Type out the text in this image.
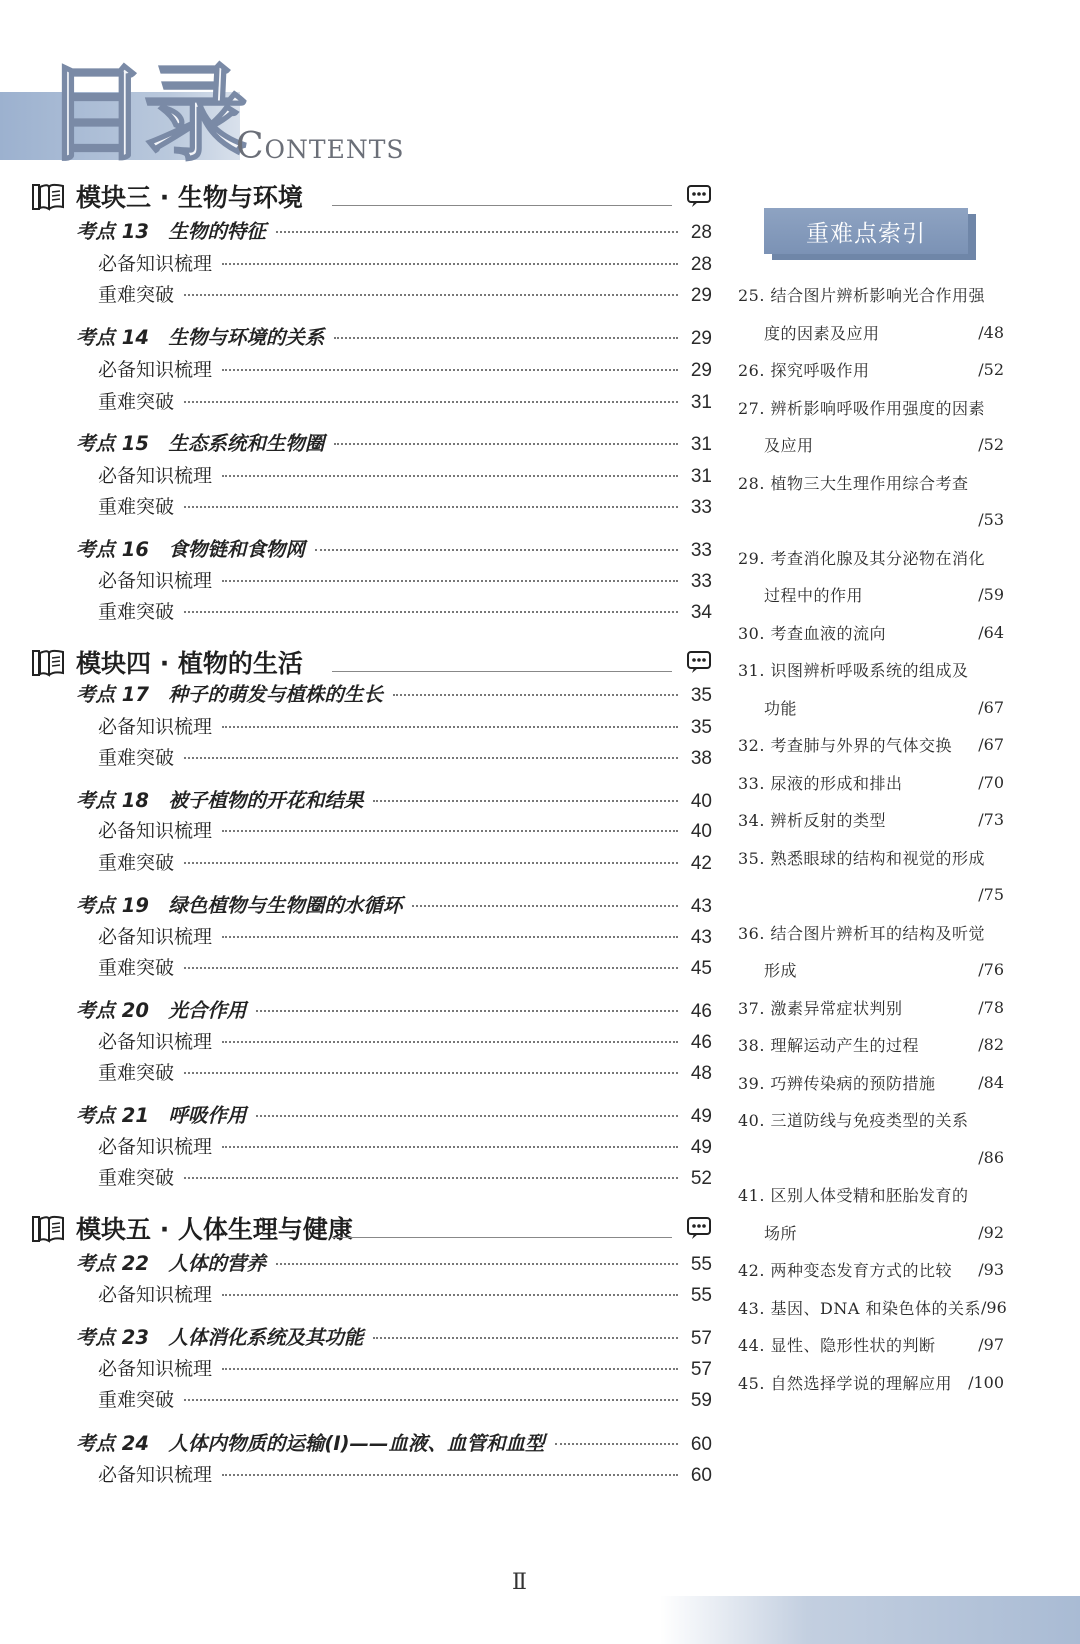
目录
Contents
模块三 · 生物与环境
考点 13　生物的特征	28
必备知识梳理	28
重难突破	29
考点 14　生物与环境的关系	29
必备知识梳理	29
重难突破	31
考点 15　生态系统和生物圈	31
必备知识梳理	31
重难突破	33
考点 16　食物链和食物网	33
必备知识梳理	33
重难突破	34
模块四 · 植物的生活
考点 17　种子的萌发与植株的生长	35
必备知识梳理	35
重难突破	38
考点 18　被子植物的开花和结果	40
必备知识梳理	40
重难突破	42
考点 19　绿色植物与生物圈的水循环	43
必备知识梳理	43
重难突破	45
考点 20　光合作用	46
必备知识梳理	46
重难突破	48
考点 21　呼吸作用	49
必备知识梳理	49
重难突破	52
模块五 · 人体生理与健康
考点 22　人体的营养	55
必备知识梳理	55
考点 23　人体消化系统及其功能	57
必备知识梳理	57
重难突破	59
考点 24　人体内物质的运输(Ⅰ)——血液、血管和血型	60
必备知识梳理	60
重难点索引
25. 结合图片辨析影响光合作用强
度的因素及应用	/48
26. 探究呼吸作用	/52
27. 辨析影响呼吸作用强度的因素
及应用	/52
28. 植物三大生理作用综合考查
/53
29. 考查消化腺及其分泌物在消化
过程中的作用	/59
30. 考查血液的流向	/64
31. 识图辨析呼吸系统的组成及
功能	/67
32. 考查肺与外界的气体交换	/67
33. 尿液的形成和排出	/70
34. 辨析反射的类型	/73
35. 熟悉眼球的结构和视觉的形成
/75
36. 结合图片辨析耳的结构及听觉
形成	/76
37. 激素异常症状判别	/78
38. 理解运动产生的过程	/82
39. 巧辨传染病的预防措施	/84
40. 三道防线与免疫类型的关系
/86
41. 区别人体受精和胚胎发育的
场所	/92
42. 两种变态发育方式的比较	/93
43. 基因、DNA 和染色体的关系 /96
44. 显性、隐形性状的判断	/97
45. 自然选择学说的理解应用	/100
Ⅱ
